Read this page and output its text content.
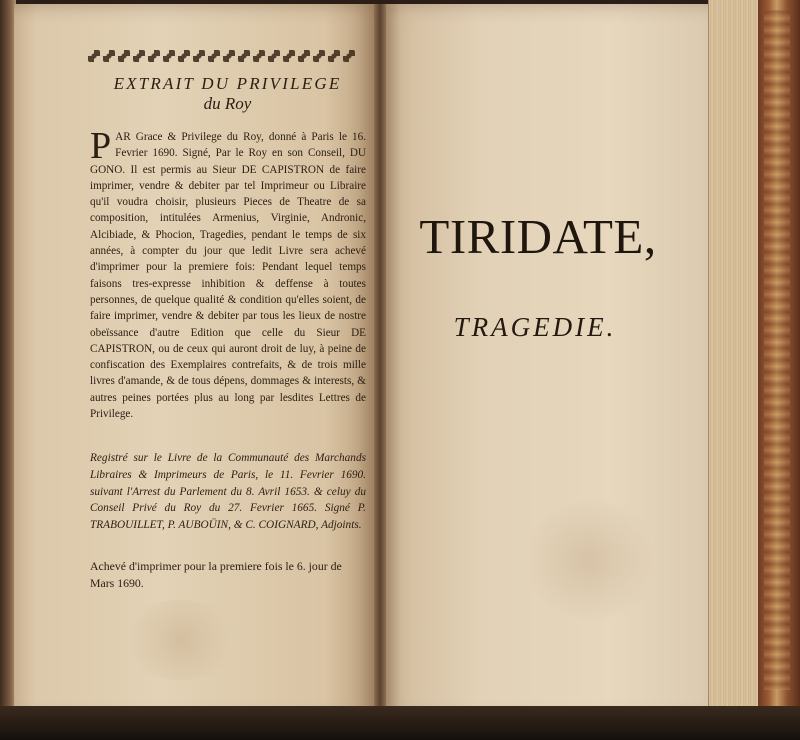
EXTRAIT DU PRIVILEGE
du Roy
PAR Grace & Privilege du Roy, donné à Paris le 16. Fevrier 1690. Signé, Par le Roy en son Conseil, DU GONO. Il est permis au Sieur DE CAPISTRON de faire imprimer, vendre & debiter par tel Imprimeur ou Libraire qu'il voudra choisir, plusieurs Pieces de Theatre de sa composition, intitulées Armenius, Virginie, Andronic, Alcibiade, & Phocion, Tragedies, pendant le temps de six années, à compter du jour que ledit Livre sera achevé d'imprimer pour la premiere fois: Pendant lequel temps faisons tres-expresse inhibition & deffense à toutes personnes, de quelque qualité & condition qu'elles soient, de faire imprimer, vendre & debiter par tous les lieux de nostre obeïssance d'autre Edition que celle du Sieur DE CAPISTRON, ou de ceux qui auront droit de luy, à peine de confiscation des Exemplaires contrefaits, & de trois mille livres d'amande, & de tous dépens, dommages & interests, & autres peines portées plus au long par lesdites Lettres de Privilege.
Registré sur le Livre de la Communauté des Marchands Libraires & Imprimeurs de Paris, le 11. Fevrier 1690. suivant l'Arrest du Parlement du 8. Avril 1653. & celuy du Conseil Privé du Roy du 27. Fevrier 1665. Signé P. TRABOUILLET, P. AUBOÜIN, & C. COIGNARD, Adjoints.
Achevé d'imprimer pour la premiere fois le 6. jour de Mars 1690.
TIRIDATE,
TRAGEDIE.
